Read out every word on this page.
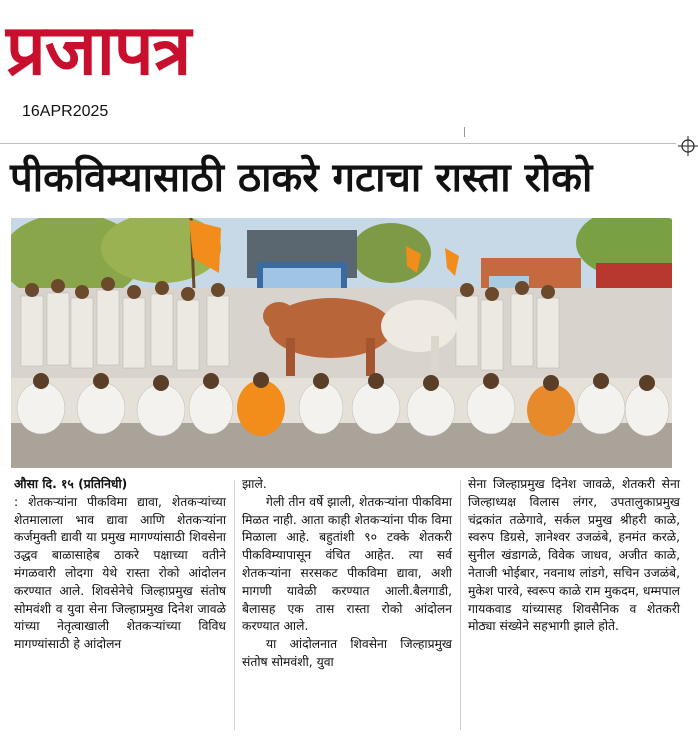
प्रजापत्र
16APR2025
पीकविम्यासाठी ठाकरे गटाचा रास्ता रोको

औसा दि. १५ (प्रतिनिधी)
: शेतकऱ्यांना पीकविमा द्यावा, शेतकऱ्यांच्या शेतमालाला भाव द्यावा आणि शेतकऱ्यांना कर्जमुक्ती द्यावी या प्रमुख मागण्यांसाठी शिवसेना उद्धव बाळासाहेब ठाकरे पक्षाच्या वतीने मंगळवारी लोदगा येथे रास्ता रोको आंदोलन करण्यात आले. शिवसेनेचे जिल्हाप्रमुख संतोष सोमवंशी व युवा सेना जिल्हाप्रमुख दिनेश जावळे यांच्या नेतृत्वाखाली शेतकऱ्यांच्या विविध मागण्यांसाठी हे आंदोलन

झाले.

गेली तीन वर्षे झाली, शेतकऱ्यांना पीकविमा मिळत नाही. आता काही शेतकऱ्यांना पीक विमा मिळाला आहे. बहुतांशी ९० टक्के शेतकरी पीकविम्यापासून वंचित आहेत. त्या सर्व शेतकऱ्यांना सरसकट पीकविमा द्यावा, अशी मागणी यावेळी करण्यात आली.बैलगाडी, बैलासह एक तास रास्ता रोको आंदोलन करण्यात आले.

या आंदोलनात शिवसेना जिल्हाप्रमुख संतोष सोमवंशी, युवा

सेना जिल्हाप्रमुख दिनेश जावळे, शेतकरी सेना जिल्हाध्यक्ष विलास लंगर, उपतालुकाप्रमुख चंद्रकांत तळेगावे, सर्कल प्रमुख श्रीहरी काळे, स्वरुप डिग्रसे, ज्ञानेश्वर उजळंबे, हनमंत करळे, सुनील खंडागळे, विवेक जाधव, अजीत काळे, नेताजी भोईबार, नवनाथ लांडगे, सचिन उजळंबे, मुकेश पारवे, स्वरूप काळे राम मुकदम, धम्मपाल गायकवाड यांच्यासह शिवसैनिक व शेतकरी मोठ्या संख्येने सहभागी झाले होते.
